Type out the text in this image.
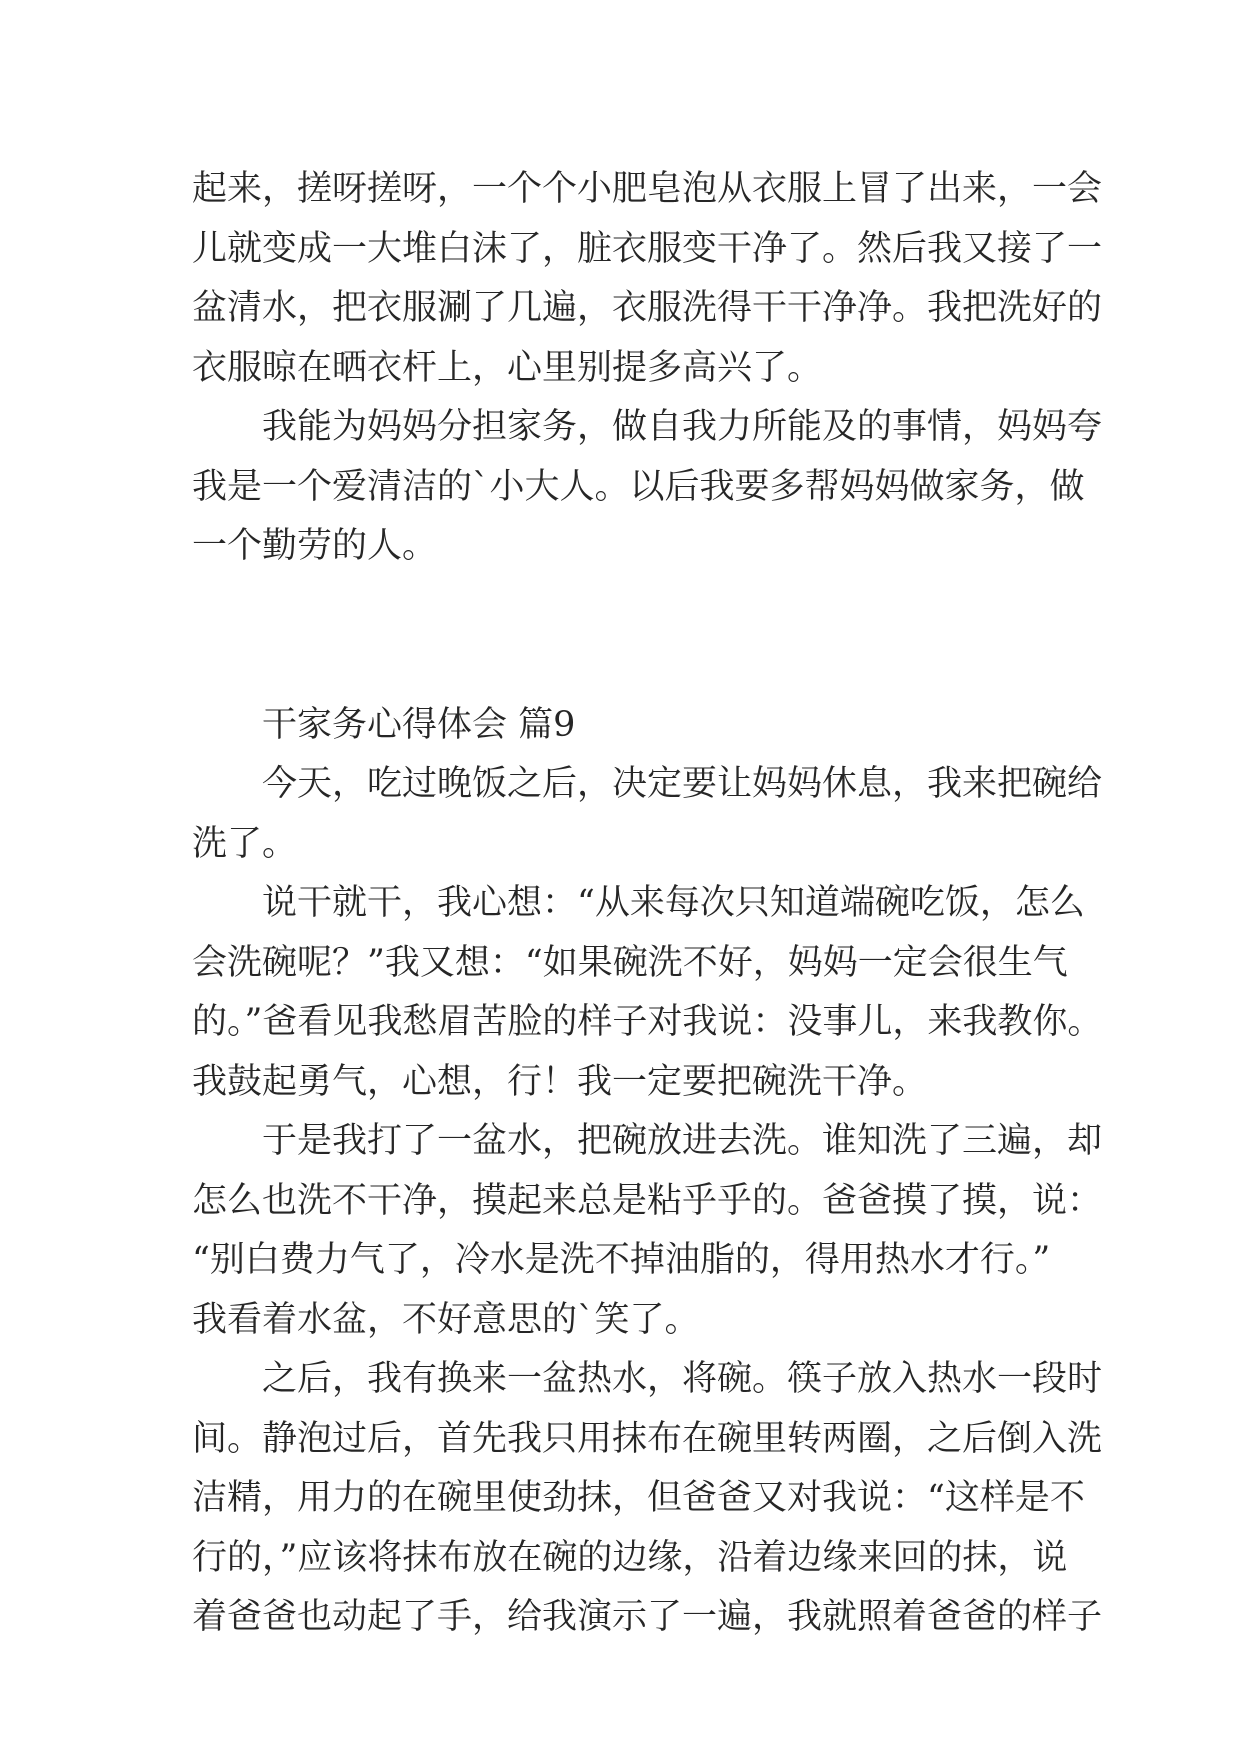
起来，搓呀搓呀，一个个小肥皂泡从衣服上冒了出来，一会
儿就变成一大堆白沫了，脏衣服变干净了。然后我又接了一
盆清水，把衣服涮了几遍，衣服洗得干干净净。我把洗好的
衣服晾在晒衣杆上，心里别提多高兴了。
我能为妈妈分担家务，做自我力所能及的事情，妈妈夸
我是一个爱清洁的`小大人。以后我要多帮妈妈做家务，做
一个勤劳的人。
干家务心得体会 篇9
今天，吃过晚饭之后，决定要让妈妈休息，我来把碗给
洗了。
说干就干，我心想：“从来每次只知道端碗吃饭，怎么
会洗碗呢？”我又想：“如果碗洗不好，妈妈一定会很生气
的。”爸看见我愁眉苦脸的样子对我说：没事儿，来我教你。
我鼓起勇气，心想，行！我一定要把碗洗干净。
于是我打了一盆水，把碗放进去洗。谁知洗了三遍，却
怎么也洗不干净，摸起来总是粘乎乎的。爸爸摸了摸，说：
“别白费力气了，冷水是洗不掉油脂的，得用热水才行。”
我看着水盆，不好意思的`笑了。
之后，我有换来一盆热水，将碗。筷子放入热水一段时
间。静泡过后，首先我只用抹布在碗里转两圈，之后倒入洗
洁精，用力的在碗里使劲抹，但爸爸又对我说：“这样是不
行的，”应该将抹布放在碗的边缘，沿着边缘来回的抹，说
着爸爸也动起了手，给我演示了一遍，我就照着爸爸的样子
